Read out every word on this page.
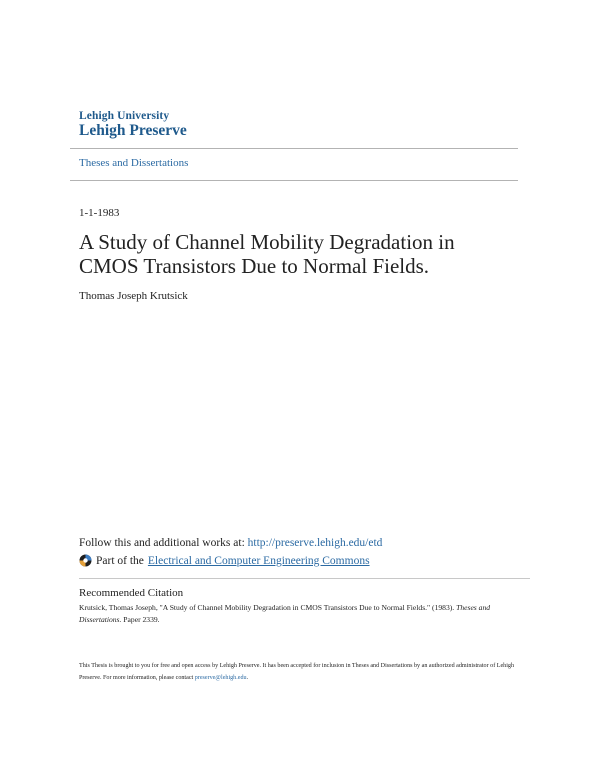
Lehigh University
Lehigh Preserve
Theses and Dissertations
1-1-1983
A Study of Channel Mobility Degradation in CMOS Transistors Due to Normal Fields.
Thomas Joseph Krutsick
Follow this and additional works at: http://preserve.lehigh.edu/etd
Part of the Electrical and Computer Engineering Commons
Recommended Citation
Krutsick, Thomas Joseph, "A Study of Channel Mobility Degradation in CMOS Transistors Due to Normal Fields." (1983). Theses and Dissertations. Paper 2339.
This Thesis is brought to you for free and open access by Lehigh Preserve. It has been accepted for inclusion in Theses and Dissertations by an authorized administrator of Lehigh Preserve. For more information, please contact preserve@lehigh.edu.
